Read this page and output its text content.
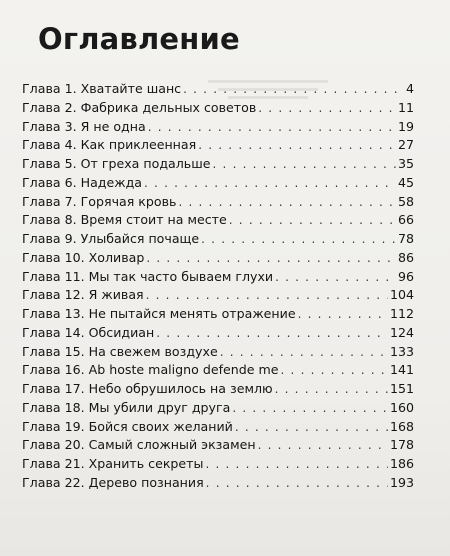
Оглавление
Глава 1. Хватайте шанс . . .	4
Глава 2. Фабрика дельных советов . . .	11
Глава 3. Я не одна . . .	19
Глава 4. Как приклеенная . . .	27
Глава 5. От греха подальше . . .	35
Глава 6. Надежда . . .	45
Глава 7. Горячая кровь . . .	58
Глава 8. Время стоит на месте . . .	66
Глава 9. Улыбайся почаще . . .	78
Глава 10. Холивар . . .	86
Глава 11. Мы так часто бываем глухи . . .	96
Глава 12. Я живая . . .	104
Глава 13. Не пытайся менять отражение . . .	112
Глава 14. Обсидиан . . .	124
Глава 15. На свежем воздухе . . .	133
Глава 16. Ab hoste maligno defende me . . .	141
Глава 17. Небо обрушилось на землю . . .	151
Глава 18. Мы убили друг друга . . .	160
Глава 19. Бойся своих желаний . . .	168
Глава 20. Самый сложный экзамен . . .	178
Глава 21. Хранить секреты . . .	186
Глава 22. Дерево познания . . .	193
